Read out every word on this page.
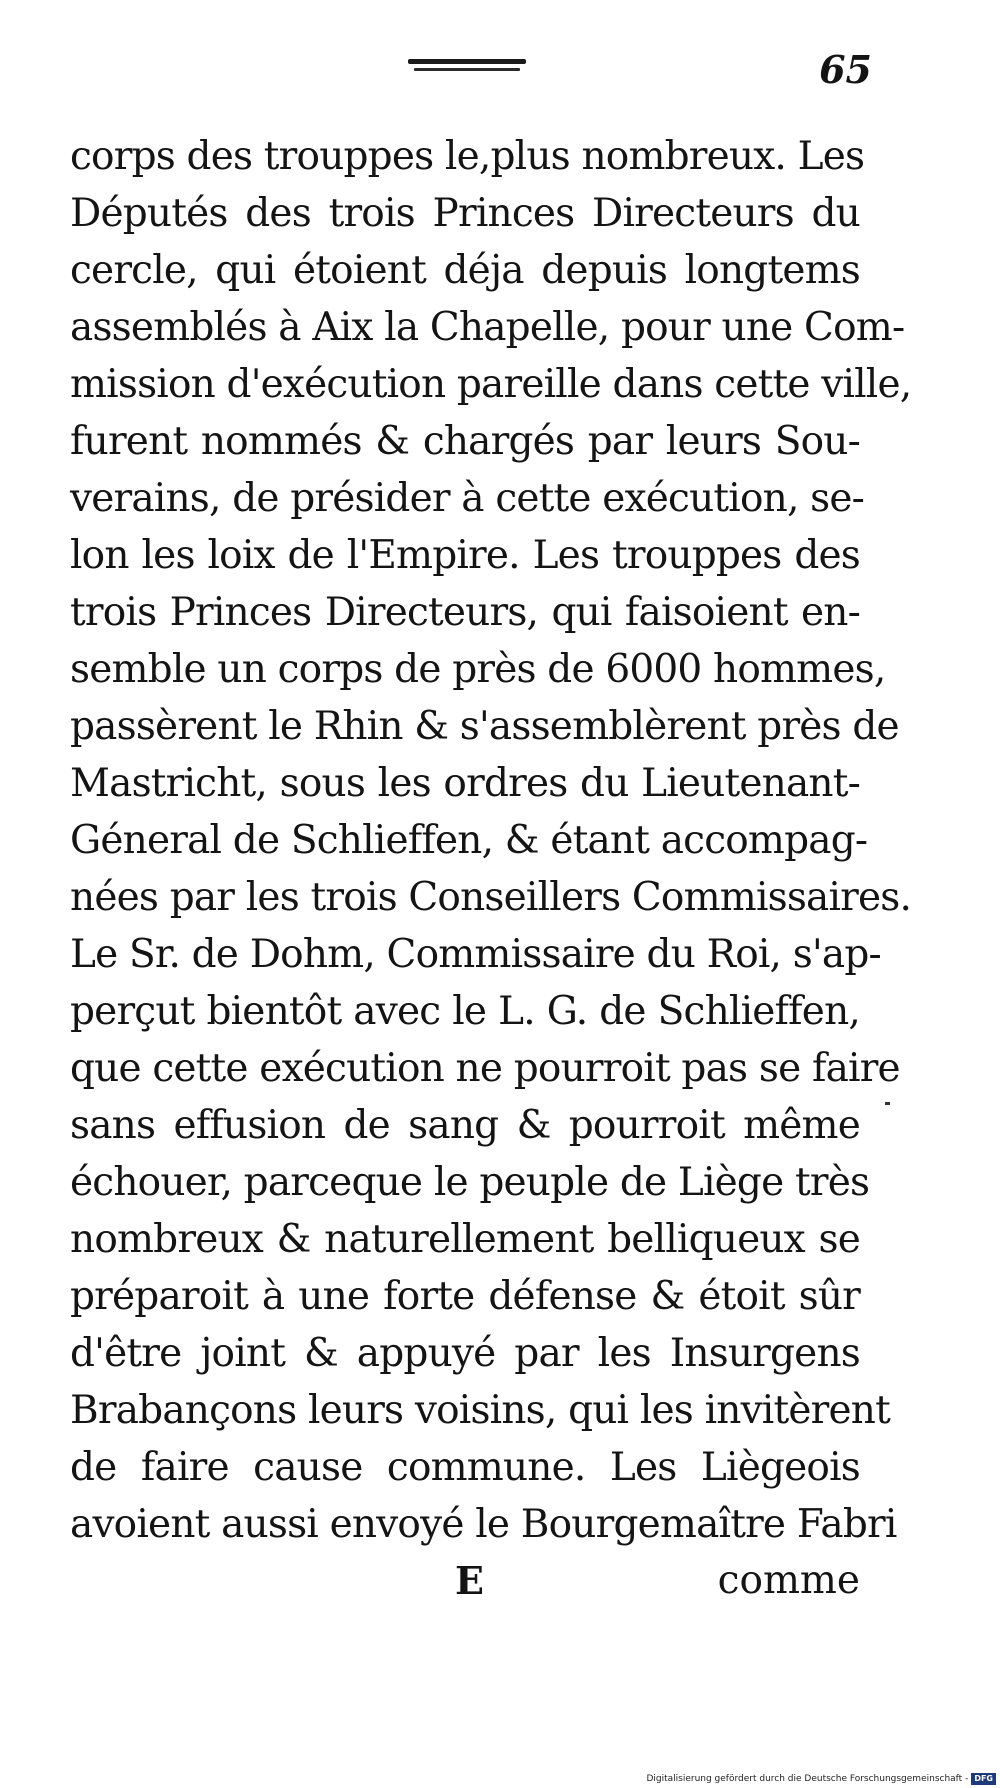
65
corps des trouppes le,plus nombreux. Les
Députés des trois Princes Directeurs du
cercle, qui étoient déja depuis longtems
assemblés à Aix la Chapelle, pour une Com-
mission d'exécution pareille dans cette ville,
furent nommés & chargés par leurs Sou-
verains, de présider à cette exécution, se-
lon les loix de l'Empire. Les trouppes des
trois Princes Directeurs, qui faisoient en-
semble un corps de près de 6000 hommes,
passèrent le Rhin & s'assemblèrent près de
Mastricht, sous les ordres du Lieutenant-
Géneral de Schlieffen, & étant accompag-
nées par les trois Conseillers Commissaires.
Le Sr. de Dohm, Commissaire du Roi, s'ap-
perçut bientôt avec le L. G. de Schlieffen,
que cette exécution ne pourroit pas se faire
sans effusion de sang & pourroit même
échouer, parceque le peuple de Liège très
nombreux & naturellement belliqueux se
préparoit à une forte défense & étoit sûr
d'être joint & appuyé par les Insurgens
Brabançons leurs voisins, qui les invitèrent
de faire cause commune. Les Liègeois
avoient aussi envoyé le Bourgemaître Fabri
E	comme
Digitalisierung gefördert durch die Deutsche Forschungsgemeinschaft - DFG
